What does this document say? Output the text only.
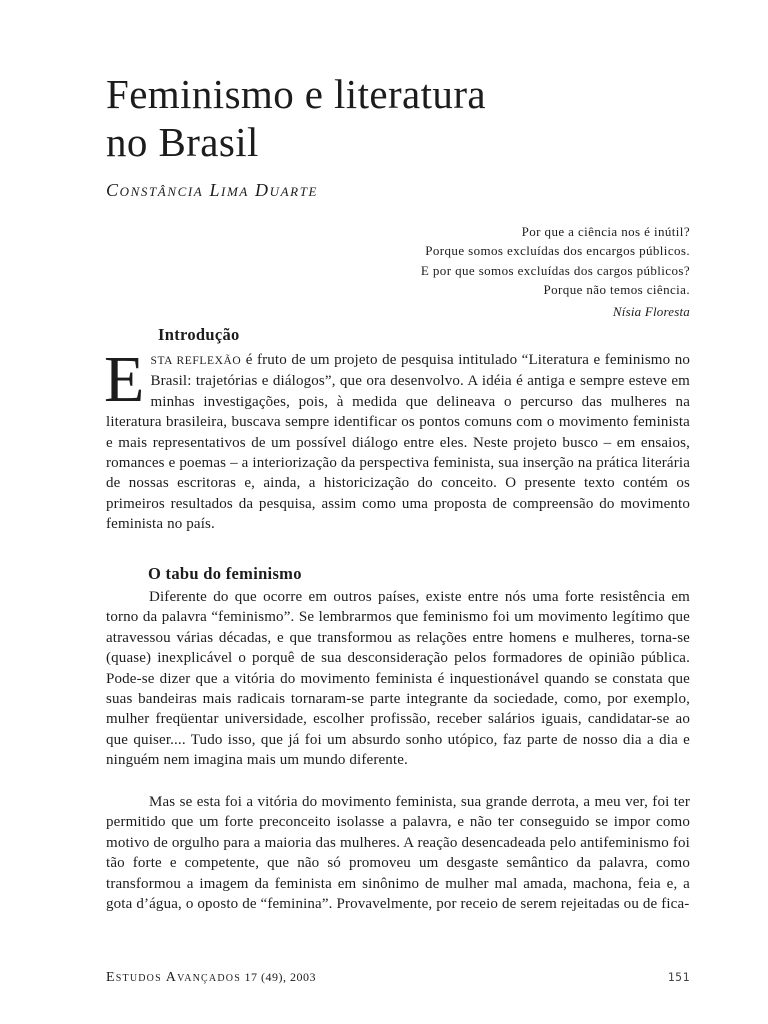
Feminismo e literatura
no Brasil

Constância Lima Duarte

Por que a ciência nos é inútil?
Porque somos excluídas dos encargos públicos.
E por que somos excluídas dos cargos públicos?
Porque não temos ciência.
Nísia Floresta
Introdução

ESTA REFLEXÃO é fruto de um projeto de pesquisa intitulado “Literatura e feminismo no Brasil: trajetórias e diálogos”, que ora desenvolvo. A idéia é antiga e sempre esteve em minhas investigações, pois, à medida que delineava o percurso das mulheres na literatura brasileira, buscava sempre identificar os pontos comuns com o movimento feminista e mais representativos de um possível diálogo entre eles. Neste projeto busco – em ensaios, romances e poemas – a interiorização da perspectiva feminista, sua inserção na prática literária de nossas escritoras e, ainda, a historicização do conceito. O presente texto contém os primeiros resultados da pesquisa, assim como uma proposta de compreensão do movimento feminista no país.

O tabu do feminismo

Diferente do que ocorre em outros países, existe entre nós uma forte resistência em torno da palavra “feminismo”. Se lembrarmos que feminismo foi um movimento legítimo que atravessou várias décadas, e que transformou as relações entre homens e mulheres, torna-se (quase) inexplicável o porquê de sua desconsideração pelos formadores de opinião pública. Pode-se dizer que a vitória do movimento feminista é inquestionável quando se constata que suas bandeiras mais radicais tornaram-se parte integrante da sociedade, como, por exemplo, mulher freqüentar universidade, escolher profissão, receber salários iguais, candidatar-se ao que quiser.... Tudo isso, que já foi um absurdo sonho utópico, faz parte de nosso dia a dia e ninguém nem imagina mais um mundo diferente.

Mas se esta foi a vitória do movimento feminista, sua grande derrota, a meu ver, foi ter permitido que um forte preconceito isolasse a palavra, e não ter conseguido se impor como motivo de orgulho para a maioria das mulheres. A reação desencadeada pelo antifeminismo foi tão forte e competente, que não só promoveu um desgaste semântico da palavra, como transformou a imagem da feminista em sinônimo de mulher mal amada, machona, feia e, a gota d’água, o oposto de “feminina”. Provavelmente, por receio de serem rejeitadas ou de fica-

Estudos Avançados 17 (49), 2003	151
